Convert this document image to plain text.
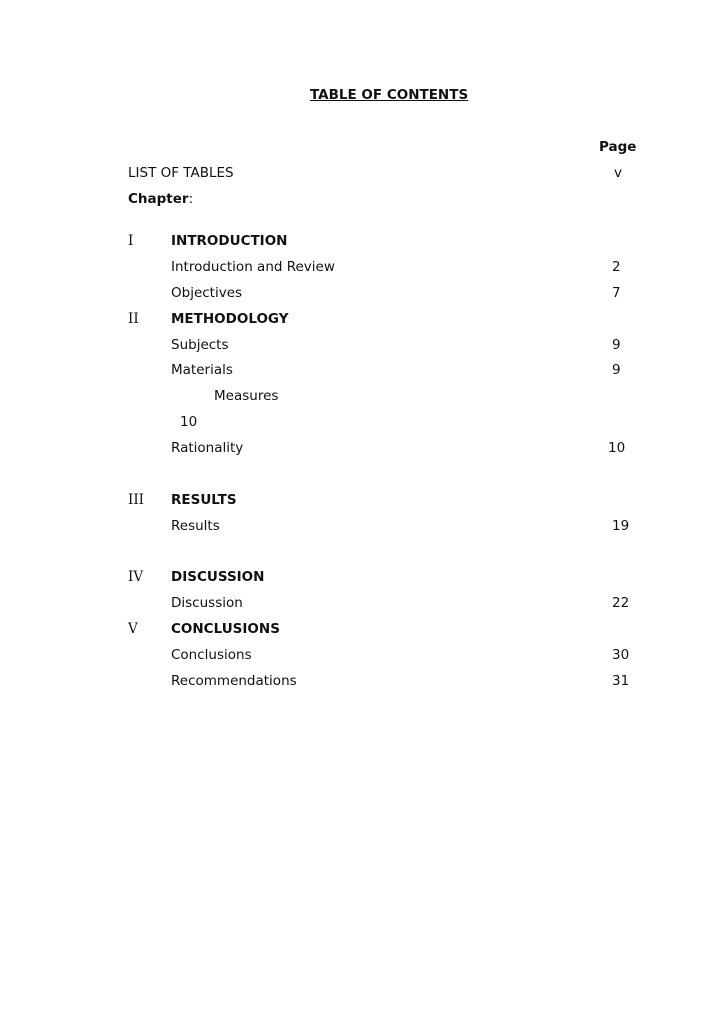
TABLE OF CONTENTS
Page
LIST OF TABLES	v
Chapter:
I	INTRODUCTION
Introduction and Review	2
Objectives	7
II METHODOLOGY
Subjects	9
Materials	9
Measures
10
Rationality	10
III RESULTS
Results	19
IV DISCUSSION
Discussion	22
V CONCLUSIONS
Conclusions	30
Recommendations	31
